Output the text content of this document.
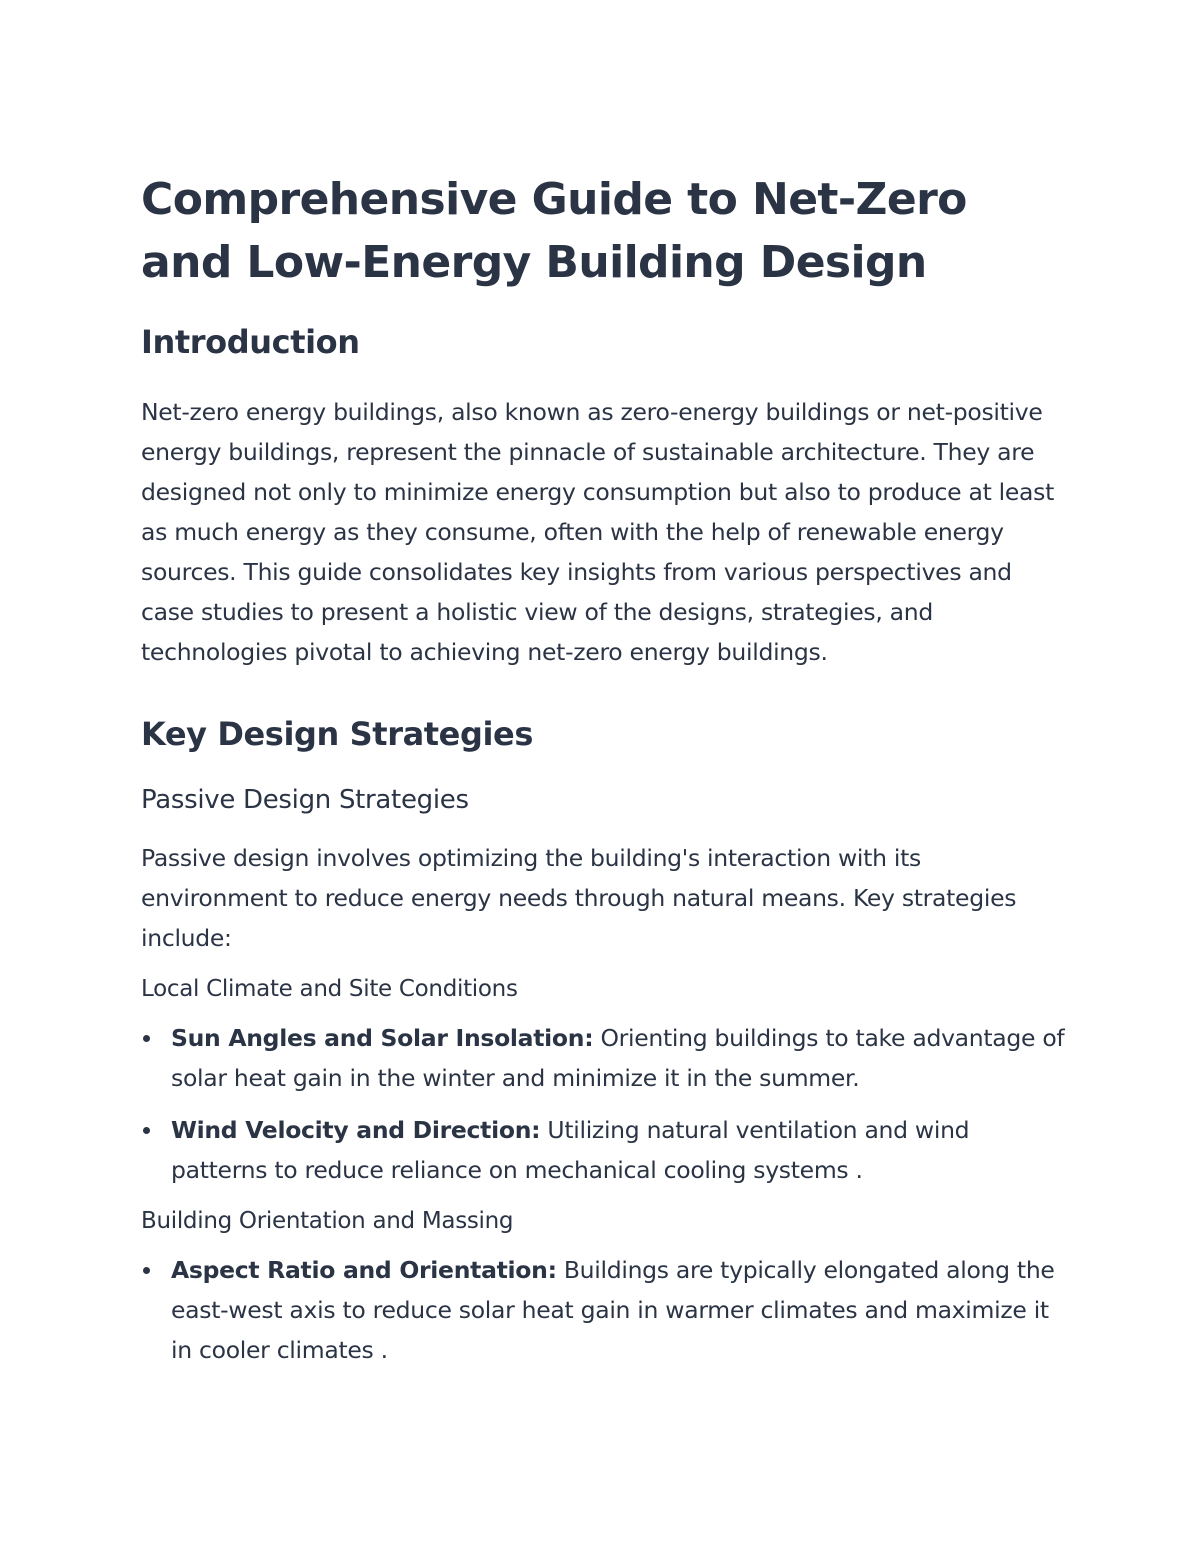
Comprehensive Guide to Net-Zero and Low-Energy Building Design
Introduction

Net-zero energy buildings, also known as zero-energy buildings or net-positive energy buildings, represent the pinnacle of sustainable architecture. They are designed not only to minimize energy consumption but also to produce at least as much energy as they consume, often with the help of renewable energy sources. This guide consolidates key insights from various perspectives and case studies to present a holistic view of the designs, strategies, and technologies pivotal to achieving net-zero energy buildings.

Key Design Strategies
Passive Design Strategies

Passive design involves optimizing the building's interaction with its environment to reduce energy needs through natural means. Key strategies include:

Local Climate and Site Conditions
Sun Angles and Solar Insolation: Orienting buildings to take advantage of solar heat gain in the winter and minimize it in the summer.
Wind Velocity and Direction: Utilizing natural ventilation and wind patterns to reduce reliance on mechanical cooling systems .
Building Orientation and Massing
Aspect Ratio and Orientation: Buildings are typically elongated along the east-west axis to reduce solar heat gain in warmer climates and maximize it in cooler climates .
